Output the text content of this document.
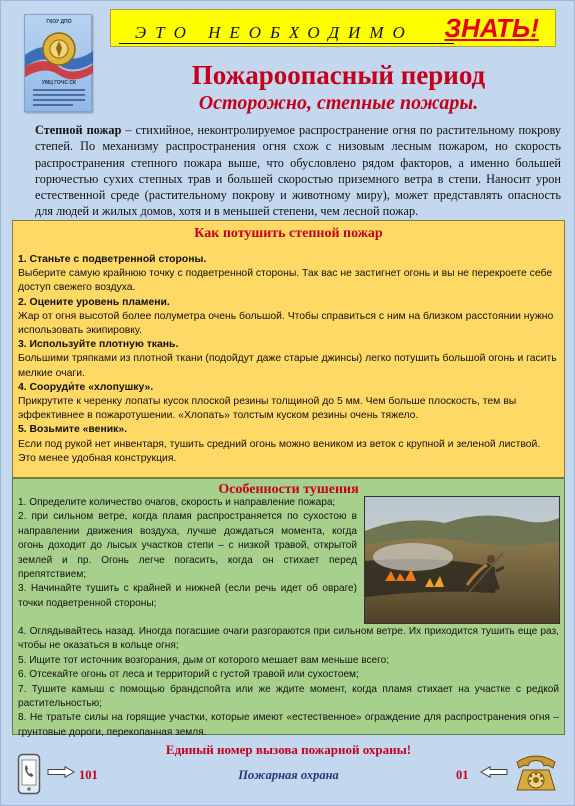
ГКОУ ДПО
УМЦ ГОЧС СК
ЭТО НЕОБХОДИМО ЗНАТЬ!
Пожароопасный период
Осторожно, степные пожары.

Степной пожар – стихийное, неконтролируемое распространение огня по растительному покрову степей. По механизму распространения огня схож с низовым лесным пожаром, но скорость распространения степного пожара выше, что обусловлено рядом факторов, а именно большей горючестью сухих степных трав и большей скоростью приземного ветра в степи. Наносит урон естественной среде (растительному покрову и животному миру), может представлять опасность для людей и жилых домов, хотя и в меньшей степени, чем лесной пожар.

Как потушить степной пожар
1. Станьте с подветренной стороны.
Выберите самую крайнюю точку с подветренной стороны. Так вас не застигнет огонь и вы не перекроете себе доступ свежего воздуха.
2. Оцените уровень пламени.
Жар от огня высотой более полуметра очень большой. Чтобы справиться с ним на близком расстоянии нужно использовать экипировку.
3. Используйте плотную ткань.
Большими тряпками из плотной ткани (подойдут даже старые джинсы) легко потушить большой огонь и гасить мелкие очаги.
4. Сооруди́те «хлопушку».
Прикрутите к черенку лопаты кусок плоской резины толщиной до 5 мм. Чем больше плоскость, тем вы эффективнее в пожаротушении. «Хлопать» толстым куском резины очень тяжело.
5. Возьмите «веник».
Если под рукой нет инвентаря, тушить средний огонь можно веником из веток с крупной и зеленой листвой. Это менее удобная конструкция.
Особенности тушения
1. Определите количество очагов, скорость и направление пожара;
2. при сильном ветре, когда пламя распространяется по сухостою в направлении движения воздуха, лучше дождаться момента, когда огонь доходит до лысых участков степи – с низкой травой, открытой землей и пр. Огонь легче погасить, когда он стихает перед препятствием;
3. Начинайте тушить с крайней и нижней (если речь идет об овраге) точки подветренной стороны;
4. Оглядывайтесь назад. Иногда погасшие очаги разгораются при сильном ветре. Их приходится тушить еще раз, чтобы не оказаться в кольце огня;
5. Ищите тот источник возгорания, дым от которого мешает вам меньше всего;
6. Отсекайте огонь от леса и территорий с густой травой или сухостоем;
7. Тушите камыш с помощью брандспойта или же ждите момент, когда пламя стихает на участке с редкой растительностью;
8. Не тратьте силы на горящие участки, которые имеют «естественное» ограждение для распространения огня – грунтовые дороги, перекопанная земля.
Единый номер вызова пожарной охраны!
101	Пожарная охрана	01
